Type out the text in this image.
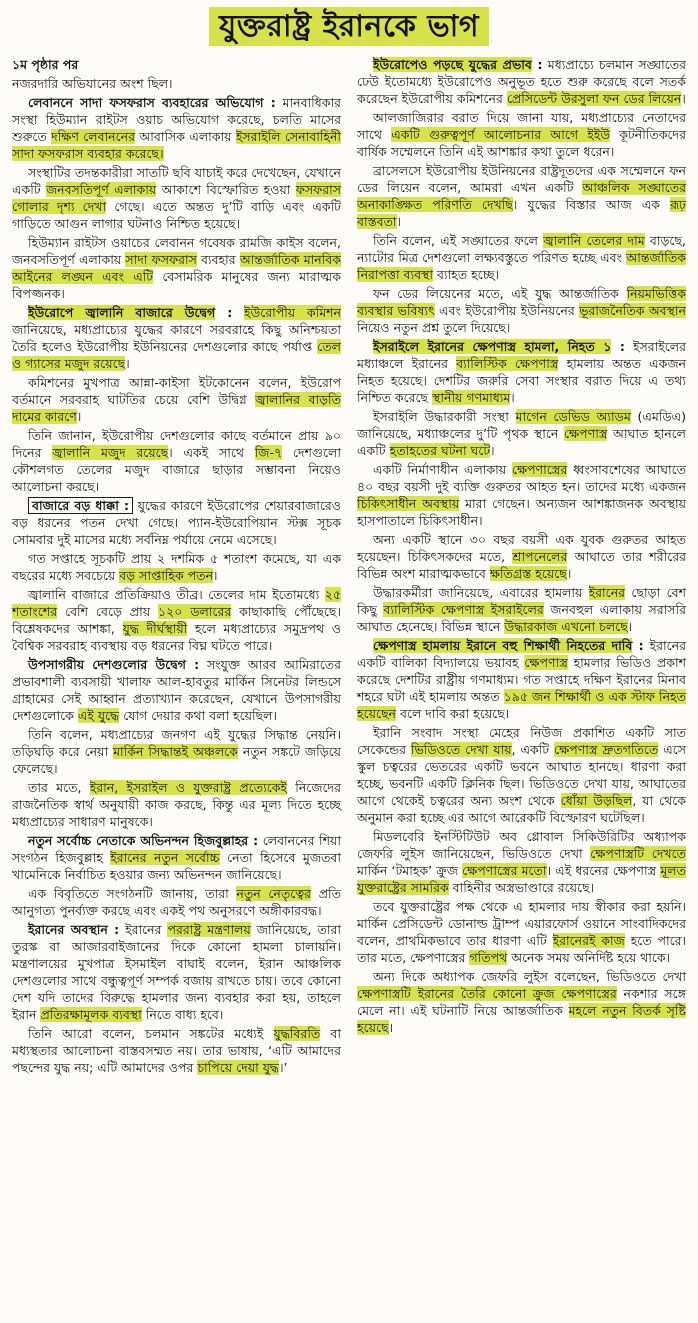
যুক্তরাষ্ট্র ইরানকে ভাগ

১ম পৃষ্ঠার পর

নজরদারি অভিযানের অংশ ছিল।

লেবাননে সাদা ফসফরাস ব্যবহারের অভিযোগ : মানবাধিকার সংস্থা হিউম্যান রাইটস ওয়াচ অভিযোগ করেছে, চলতি মাসের শুরুতে দক্ষিণ লেবাননের আবাসিক এলাকায় ইসরাইলি সেনাবাহিনী সাদা ফসফরাস ব্যবহার করেছে।

সংস্থাটির তদন্তকারীরা সাতটি ছবি যাচাই করে দেখেছেন, যেখানে একটি জনবসতিপূর্ণ এলাকায় আকাশে বিস্ফোরিত হওয়া ফসফরাস গোলার দৃশ্য দেখা গেছে। এতে অন্তত দু’টি বাড়ি এবং একটি গাড়িতে আগুন লাগার ঘটনাও নিশ্চিত হয়েছে।

হিউম্যান রাইটস ওয়াচের লেবানন গবেষক রামজি কাইস বলেন, জনবসতিপূর্ণ এলাকায় সাদা ফসফরাস ব্যবহার আন্তর্জাতিক মানবিক আইনের লঙ্ঘন এবং এটি বেসামরিক মানুষের জন্য মারাত্মক বিপজ্জনক।

ইউরোপে জ্বালানি বাজারে উদ্বেগ : ইউরোপীয় কমিশন জানিয়েছে, মধ্যপ্রাচ্যের যুদ্ধের কারণে সরবরাহে কিছু অনিশ্চয়তা তৈরি হলেও ইউরোপীয় ইউনিয়নের দেশগুলোর কাছে পর্যাপ্ত তেল ও গ্যাসের মজুদ রয়েছে।

কমিশনের মুখপাত্র আন্না-কাইসা ইটকোনেন বলেন, ইউরোপ বর্তমানে সরবরাহ ঘাটতির চেয়ে বেশি উদ্বিগ্ন জ্বালানির বাড়তি দামের কারণে।

তিনি জানান, ইউরোপীয় দেশগুলোর কাছে বর্তমানে প্রায় ৯০ দিনের জ্বালানি মজুদ রয়েছে। একই সাথে জি-৭ দেশগুলো কৌশলগত তেলের মজুদ বাজারে ছাড়ার সম্ভাবনা নিয়েও আলোচনা করছে।

বাজারে বড় ধাক্কা : যুদ্ধের কারণে ইউরোপের শেয়ারবাজারেও বড় ধরনের পতন দেখা গেছে। প্যান-ইউরোপিয়ান স্টক্স সূচক সোমবার দুই মাসের মধ্যে সর্বনিম্ন পর্যায়ে নেমে এসেছে।

গত সপ্তাহে সূচকটি প্রায় ২ দশমিক ৫ শতাংশ কমেছে, যা এক বছরের মধ্যে সবচেয়ে বড় সাপ্তাহিক পতন।

জ্বালানি বাজারে প্রতিক্রিয়াও তীব্র। তেলের দাম ইতোমধ্যে ২৫ শতাংশের বেশি বেড়ে প্রায় ১২০ ডলারের কাছাকাছি পৌঁছেছে। বিশ্লেষকদের আশঙ্কা, যুদ্ধ দীর্ঘস্থায়ী হলে মধ্যপ্রাচ্যের সমুদ্রপথ ও বৈশ্বিক সরবরাহ ব্যবস্থায় বড় ধরনের বিঘ্ন ঘটতে পারে।

উপসাগরীয় দেশগুলোর উদ্বেগ : সংযুক্ত আরব আমিরাতের প্রভাবশালী ব্যবসায়ী খালাফ আল-হাবতুর মার্কিন সিনেটর লিন্ডসে গ্রাহামের সেই আহ্বান প্রত্যাখ্যান করেছেন, যেখানে উপসাগরীয় দেশগুলোকে এই যুদ্ধে যোগ দেয়ার কথা বলা হয়েছিল।

তিনি বলেন, মধ্যপ্রাচ্যের জনগণ এই যুদ্ধের সিদ্ধান্ত নেয়নি। তড়িঘড়ি করে নেয়া মার্কিন সিদ্ধান্তই অঞ্চলকে নতুন সঙ্কটে জড়িয়ে ফেলেছে।

তার মতে, ইরান, ইসরাইল ও যুক্তরাষ্ট্র প্রত্যেকেই নিজেদের রাজনৈতিক স্বার্থ অনুযায়ী কাজ করছে, কিন্তু এর মূল্য দিতে হচ্ছে মধ্যপ্রাচ্যের সাধারণ মানুষকে।

নতুন সর্বোচ্চ নেতাকে অভিনন্দন হিজবুল্লাহর : লেবাননের শিয়া সংগঠন হিজবুল্লাহ ইরানের নতুন সর্বোচ্চ নেতা হিসেবে মুজতবা খামেনিকে নির্বাচিত হওয়ার জন্য অভিনন্দন জানিয়েছে।

এক বিবৃতিতে সংগঠনটি জানায়, তারা নতুন নেতৃত্বের প্রতি আনুগত্য পুনর্ব্যক্ত করছে এবং একই পথ অনুসরণে অঙ্গীকারবদ্ধ।

ইরানের অবস্থান : ইরানের পররাষ্ট্র মন্ত্রণালয় জানিয়েছে, তারা তুরস্ক বা আজারবাইজানের দিকে কোনো হামলা চালায়নি। মন্ত্রণালয়ের মুখপাত্র ইসমাইল বাঘাই বলেন, ইরান আঞ্চলিক দেশগুলোর সাথে বন্ধুত্বপূর্ণ সম্পর্ক বজায় রাখতে চায়। তবে কোনো দেশ যদি তাদের বিরুদ্ধে হামলার জন্য ব্যবহার করা হয়, তাহলে ইরান প্রতিরক্ষামূলক ব্যবস্থা নিতে বাধ্য হবে।

তিনি আরো বলেন, চলমান সঙ্কটের মধ্যেই যুদ্ধবিরতি বা মধ্যস্থতার আলোচনা বাস্তবসম্মত নয়। তার ভাষায়, ‘এটি আমাদের পছন্দের যুদ্ধ নয়; এটি আমাদের ওপর চাপিয়ে দেয়া যুদ্ধ।’

ইউরোপেও পড়ছে যুদ্ধের প্রভাব : মধ্যপ্রাচ্যে চলমান সঙ্ঘাতের ঢেউ ইতোমধ্যে ইউরোপেও অনুভূত হতে শুরু করেছে বলে সতর্ক করেছেন ইউরোপীয় কমিশনের প্রেসিডেন্ট উরসুলা ফন ডের লিয়েন।

আলজাজিরার বরাত দিয়ে জানা যায়, মধ্যপ্রাচ্যের নেতাদের সাথে একটি গুরুত্বপূর্ণ আলোচনার আগে ইইউ কূটনীতিকদের বার্ষিক সম্মেলনে তিনি এই আশঙ্কার কথা তুলে ধরেন।

ব্রাসেলসে ইউরোপীয় ইউনিয়নের রাষ্ট্রদূতদের এক সম্মেলনে ফন ডের লিয়েন বলেন, আমরা এখন একটি আঞ্চলিক সঙ্ঘাতের অনাকাঙ্ক্ষিত পরিণতি দেখছি। যুদ্ধের বিস্তার আজ এক রূঢ় বাস্তবতা।

তিনি বলেন, এই সঙ্ঘাতের ফলে জ্বালানি তেলের দাম বাড়ছে, ন্যাটোর মিত্র দেশগুলো লক্ষ্যবস্তুতে পরিণত হচ্ছে এবং আন্তর্জাতিক নিরাপত্তা ব্যবস্থা ব্যাহত হচ্ছে।

ফন ডের লিয়েনের মতে, এই যুদ্ধ আন্তর্জাতিক নিয়মভিত্তিক ব্যবস্থার ভবিষ্যৎ এবং ইউরোপীয় ইউনিয়নের ভূরাজনৈতিক অবস্থান নিয়েও নতুন প্রশ্ন তুলে দিয়েছে।

ইসরাইলে ইরানের ক্ষেপণাস্ত্র হামলা, নিহত ১ : ইসরাইলের মধ্যাঞ্চলে ইরানের ব্যালিস্টিক ক্ষেপণাস্ত্র হামলায় অন্তত একজন নিহত হয়েছে। দেশটির জরুরি সেবা সংস্থার বরাত দিয়ে এ তথ্য নিশ্চিত করেছে স্থানীয় গণমাধ্যম।

ইসরাইলি উদ্ধারকারী সংস্থা মাগেন ডেভিড অ্যাডম (এমডিএ) জানিয়েছে, মধ্যাঞ্চলের দু’টি পৃথক স্থানে ক্ষেপণাস্ত্র আঘাত হানলে একটি হতাহতের ঘটনা ঘটে।

একটি নির্মাণাধীন এলাকায় ক্ষেপণাস্ত্রের ধ্বংসাবশেষের আঘাতে ৪০ বছর বয়সী দুই ব্যক্তি গুরুতর আহত হন। তাদের মধ্যে একজন চিকিৎসাধীন অবস্থায় মারা গেছেন। অন্যজন আশঙ্কাজনক অবস্থায় হাসপাতালে চিকিৎসাধীন।

অন্য একটি স্থানে ৩০ বছর বয়সী এক যুবক গুরুতর আহত হয়েছেন। চিকিৎসকদের মতে, শ্রাপনেলের আঘাতে তার শরীরের বিভিন্ন অংশ মারাত্মকভাবে ক্ষতিগ্রস্ত হয়েছে।

উদ্ধারকর্মীরা জানিয়েছে, এবারের হামলায় ইরানের ছোড়া বেশ কিছু ব্যালিস্টিক ক্ষেপণাস্ত্র ইসরাইলের জনবহুল এলাকায় সরাসরি আঘাত হেনেছে। বিভিন্ন স্থানে উদ্ধারকাজ এখনো চলছে।

ক্ষেপণাস্ত্র হামলায় ইরানে বহু শিক্ষার্থী নিহতের দাবি : ইরানের একটি বালিকা বিদ্যালয়ে ভয়াবহ ক্ষেপণাস্ত্র হামলার ভিডিও প্রকাশ করেছে দেশটির রাষ্ট্রীয় গণমাধ্যম। গত সপ্তাহে দক্ষিণ ইরানের মিনাব শহরে ঘটা এই হামলায় অন্তত ১৯৫ জন শিক্ষার্থী ও এক স্টাফ নিহত হয়েছেন বলে দাবি করা হয়েছে।

ইরানি সংবাদ সংস্থা মেহের নিউজ প্রকাশিত একটি সাত সেকেন্ডের ভিডিওতে দেখা যায়, একটি ক্ষেপণাস্ত্র দ্রুতগতিতে এসে স্কুল চত্বরের ভেতরের একটি ভবনে আঘাত হানছে। ধারণা করা হচ্ছে, ভবনটি একটি ক্লিনিক ছিল। ভিডিওতে দেখা যায়, আঘাতের আগে থেকেই চত্বরের অন্য অংশ থেকে ধোঁয়া উড়ছিল, যা থেকে অনুমান করা হচ্ছে এর আগে আরেকটি বিস্ফোরণ ঘটেছিল।

মিডলবেরি ইনস্টিটিউট অব গ্লোবাল সিকিউরিটির অধ্যাপক জেফরি লুইস জানিয়েছেন, ভিডিওতে দেখা ক্ষেপণাস্ত্রটি দেখতে মার্কিন ‘টমাহক’ ক্রুজ ক্ষেপণাস্ত্রের মতো। এই ধরনের ক্ষেপণাস্ত্র মূলত যুক্তরাষ্ট্রের সামরিক বাহিনীর অস্ত্রভাণ্ডারে রয়েছে।

তবে যুক্তরাষ্ট্রের পক্ষ থেকে এ হামলার দায় স্বীকার করা হয়নি। মার্কিন প্রেসিডেন্ট ডোনাল্ড ট্রাম্প এয়ারফোর্স ওয়ানে সাংবাদিকদের বলেন, প্রাথমিকভাবে তার ধারণা এটি ইরানেরই কাজ হতে পারে। তার মতে, ক্ষেপণাস্ত্রের গতিপথ অনেক সময় অনির্দিষ্ট হয়ে থাকে।

অন্য দিকে অধ্যাপক জেফরি লুইস বলেছেন, ভিডিওতে দেখা ক্ষেপণাস্ত্রটি ইরানের তৈরি কোনো ক্রুজ ক্ষেপণাস্ত্রের নকশার সঙ্গে মেলে না। এই ঘটনাটি নিয়ে আন্তর্জাতিক মহলে নতুন বিতর্ক সৃষ্টি হয়েছে।
